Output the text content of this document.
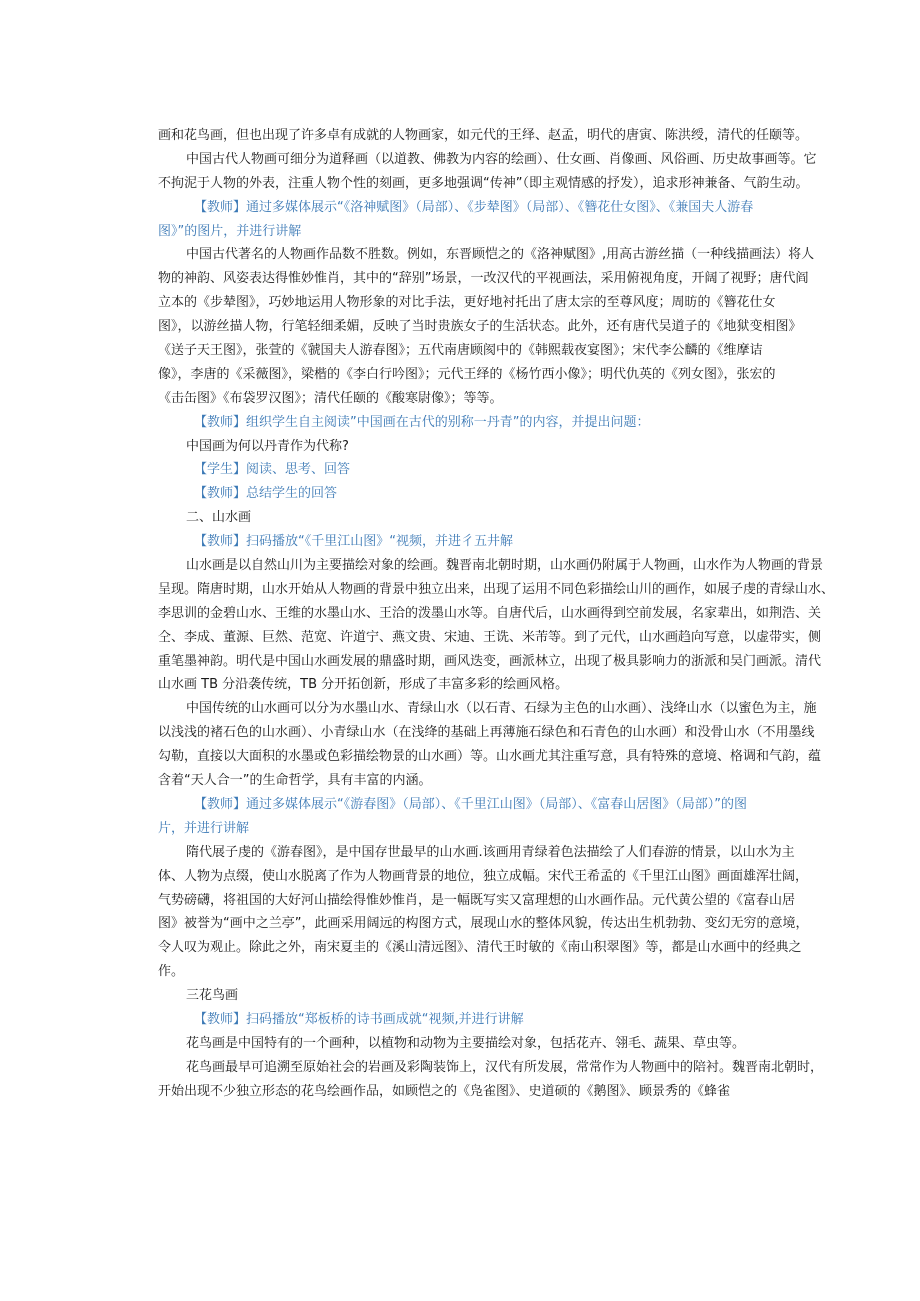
画和花鸟画，但也出现了许多卓有成就的人物画家，如元代的王绎、赵孟，明代的唐寅、陈洪绶，清代的任颐等。
中国古代人物画可细分为道释画（以道教、佛教为内容的绘画）、仕女画、肖像画、风俗画、历史故事画等。它
不拘泥于人物的外表，注重人物个性的刻画，更多地强调“传神”（即主观情感的抒发），追求形神兼备、气韵生动。
【教师】通过多媒体展示“《洛神赋图》（局部）、《步辇图》（局部）、《簪花仕女图》、《兼国夫人游春
图》”的图片，并进行讲解
中国古代著名的人物画作品数不胜数。例如，东晋顾恺之的《洛神赋图》,用高古游丝描（一种线描画法）将人
物的神韵、风姿表达得惟妙惟肖，其中的“辞别”场景，一改汉代的平视画法，采用俯视角度，开阔了视野；唐代阎
立本的《步辇图》，巧妙地运用人物形象的对比手法，更好地衬托出了唐太宗的至尊风度；周昉的《簪花仕女
图》，以游丝描人物，行笔轻细柔媚，反映了当时贵族女子的生活状态。此外，还有唐代吴道子的《地狱变相图》
《送子天王图》，张萱的《虢国夫人游春图》；五代南唐顾阂中的《韩熙载夜宴图》；宋代李公麟的《维摩诘
像》，李唐的《采薇图》，梁楷的《李白行吟图》；元代王绎的《杨竹西小像》；明代仇英的《列女图》，张宏的
《击缶图》《布袋罗汉图》；清代任颐的《酸寒尉像》；等等。
【教师】组织学生自主阅读”中国画在古代的别称一丹青”的内容，并提出问题：
中国画为何以丹青作为代称?
【学生】阅读、思考、回答
【教师】总结学生的回答
二、山水画
【教师】扫码播放“《千里江山图》“视频，并进彳五井解
山水画是以自然山川为主要描绘对象的绘画。魏晋南北朝时期，山水画仍附属于人物画，山水作为人物画的背景
呈现。隋唐时期，山水开始从人物画的背景中独立出来，出现了运用不同色彩描绘山川的画作，如展子虔的青绿山水、
李思训的金碧山水、王维的水墨山水、王洽的泼墨山水等。自唐代后，山水画得到空前发展，名家辈出，如荆浩、关
仝、李成、董源、巨然、范宽、许道宁、燕文贵、宋迪、王诜、米芾等。到了元代，山水画趋向写意，以虚带实，侧
重笔墨神韵。明代是中国山水画发展的鼎盛时期，画风迭变，画派林立，出现了极具影响力的浙派和吴门画派。清代
山水画 TB 分沿袭传统，TB 分开拓创新，形成了丰富多彩的绘画风格。
中国传统的山水画可以分为水墨山水、青绿山水（以石青、石绿为主色的山水画）、浅绛山水（以蜜色为主，施
以浅浅的褚石色的山水画）、小青绿山水（在浅绛的基础上再薄施石绿色和石青色的山水画）和没骨山水（不用墨线
勾勒，直接以大面积的水墨或色彩描绘物景的山水画）等。山水画尤其注重写意，具有特殊的意境、格调和气韵，蕴
含着“天人合一”的生命哲学，具有丰富的内涵。
【教师】通过多媒体展示“《游春图》（局部）、《千里江山图》（局部）、《富春山居图》（局部）”的图
片，并进行讲解
隋代展子虔的《游春图》，是中国存世最早的山水画.该画用青绿着色法描绘了人们春游的情景，以山水为主
体、人物为点缀，使山水脱离了作为人物画背景的地位，独立成幅。宋代王希孟的《千里江山图》画面雄浑壮阔，
气势磅礴，将祖国的大好河山描绘得惟妙惟肖，是一幅既写实又富理想的山水画作品。元代黄公望的《富春山居
图》被誉为“画中之兰亭”，此画采用阔远的构图方式，展现山水的整体风貌，传达出生机勃勃、变幻无穷的意境，
令人叹为观止。除此之外，南宋夏圭的《溪山清远图》、清代王时敏的《南山积翠图》等，都是山水画中的经典之
作。
三花鸟画
【教师】扫码播放“郑板桥的诗书画成就“视频,并进行讲解
花鸟画是中国特有的一个画种，以植物和动物为主要描绘对象，包括花卉、翎毛、蔬果、草虫等。
花鸟画最早可追溯至原始社会的岩画及彩陶装饰上，汉代有所发展，常常作为人物画中的陪衬。魏晋南北朝时，
开始出现不少独立形态的花鸟绘画作品，如顾恺之的《凫雀图》、史道硕的《鹅图》、顾景秀的《蜂雀
